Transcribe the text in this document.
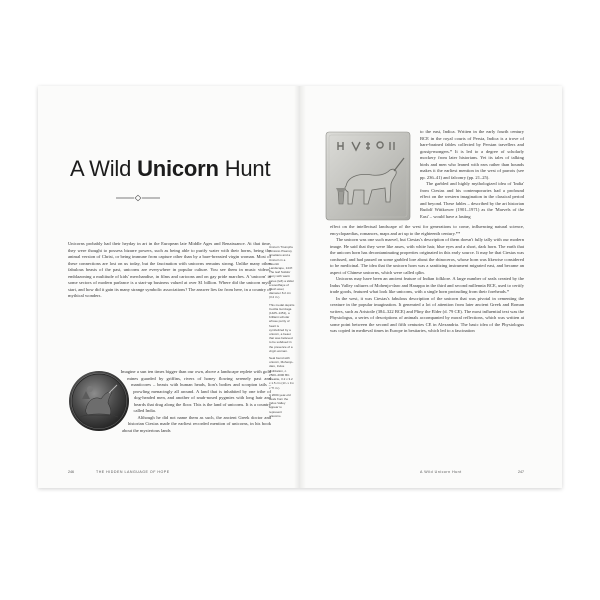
A Wild Unicorn Hunt

Unicorns probably had their heyday in art in the European late Middle Ages and Renaissance. At that time, they were thought to possess bizarre powers, such as being able to purify water with their horns, being the animal version of Christ, or being immune from capture other than by a bare-breasted virgin woman. Most of these connections are lost on us today, but the fascination with unicorns remains strong. Unlike many other fabulous beasts of the past, unicorns are everywhere in popular culture. You see them in music videos, emblazoning a multitude of kids' merchandise, in films and cartoons and on gay pride marches. A 'unicorn' in some sectors of modern parlance is a start-up business valued at over $1 billion. Where did the unicorn myth start, and how did it gain its many strange symbolic associations? The answer lies far from here, in a country of mythical wonders.

Imagine a sun ten times bigger than our own, above a landscape replete with gold mines guarded by griffins, rivers of honey flowing serenely past and manticores – beasts with human heads, lion's bodies and scorpion tails – prowling menacingly all around. A land that is inhabited by one tribe of dog-headed men, and another of snub-nosed pygmies with long hair and beards that drag along the floor. This is the land of unicorns. It is a country called India.

Although he did not name them as such, the ancient Greek doctor and historian Ctesias made the earliest recorded mention of unicorns, in his book about the mysterious lands

Unicorn Triumphs (Antonio Pisano), Ameliano and a Unicorn in a Moonlit Landscape, 1447. The leaf Solidor story with warm tones (left) a slider a woodhaye of blush weel, diameter 8.2 cm (3.2 in.).

This medal depicts Cecilia Gonzaga (1425–1451), a brilliant scholar whose purity of heart is symbolized by a unicorn, a beast that was believed to be subdued in the presence of a virgin woman.

Seal found with unicorn, Mohenjo-daro, Indus civilization, c. 2500–2000 BC. Steatite, 3.2 x 3.2 x 1.5 cm (1¼ x 1¼ x ⅘ in.).

A 2000-year-old seals from the Indus Valley appear to represent unicorns.

246	THE HIDDEN LANGUAGE OF HOPE

to the east, Indica. Written in the early fourth century BCE in the royal courts of Persia, Indica is a trove of hare-brained fables collected by Persian travellers and gossip-mongers.* It is led to a degree of scholarly mockery from later historians. Yet its tales of talking birds and men who leaned with ears rather than hounds makes it the earliest mention in the west of parrots (see pp. 236–41) and falconry (pp. 21–25).

The garbled and highly mythologized idea of 'India' from Ctesias and his contemporaries had a profound effect on the western imagination in the classical period and beyond. These fables – described by the art historian Rudolf Wittkower (1901–1971) as the 'Marvels of the East' – would have a lasting

effect on the intellectual landscape of the west for generations to come, influencing natural science, encyclopaedias, romances, maps and art up to the eighteenth century.**

The unicorn was one such marvel, but Ctesias's description of them doesn't fully tally with our modern image. He said that they were like asses, with white hair, blue eyes and a short, dark horn. The earth that the unicorn horn has decontaminating properties originated in this early source. It may be that Ctesias was confused, and had passed on some garbled lore about the rhinoceros, whose horn was likewise considered to be medicinal. The idea that the unicorn horn was a sanitizing instrument migrated east, and became an aspect of Chinese unicorns, which were called qilin.

Unicorns may have been an ancient feature of Indian folklore. A large number of seals created by the Indus Valley cultures of Mohenjo-daro and Harappa in the third and second millennia BCE, used to certify trade goods, featured what look like unicorns, with a single horn protruding from their foreheads.*

In the west, it was Ctesias's fabulous description of the unicorn that was pivotal in cementing the creature in the popular imagination. It generated a lot of attention from later ancient Greek and Roman writers, such as Aristotle (384–322 BCE) and Pliny the Elder (d. 79 CE). The most influential text was the Physiologus, a series of descriptions of animals accompanied by moral reflections, which was written at some point between the second and fifth centuries CE in Alexandria. The basic idea of the Physiologus was copied in medieval times in Europe in bestiaries, which led to a fascination

A Wild Unicorn Hunt	247
